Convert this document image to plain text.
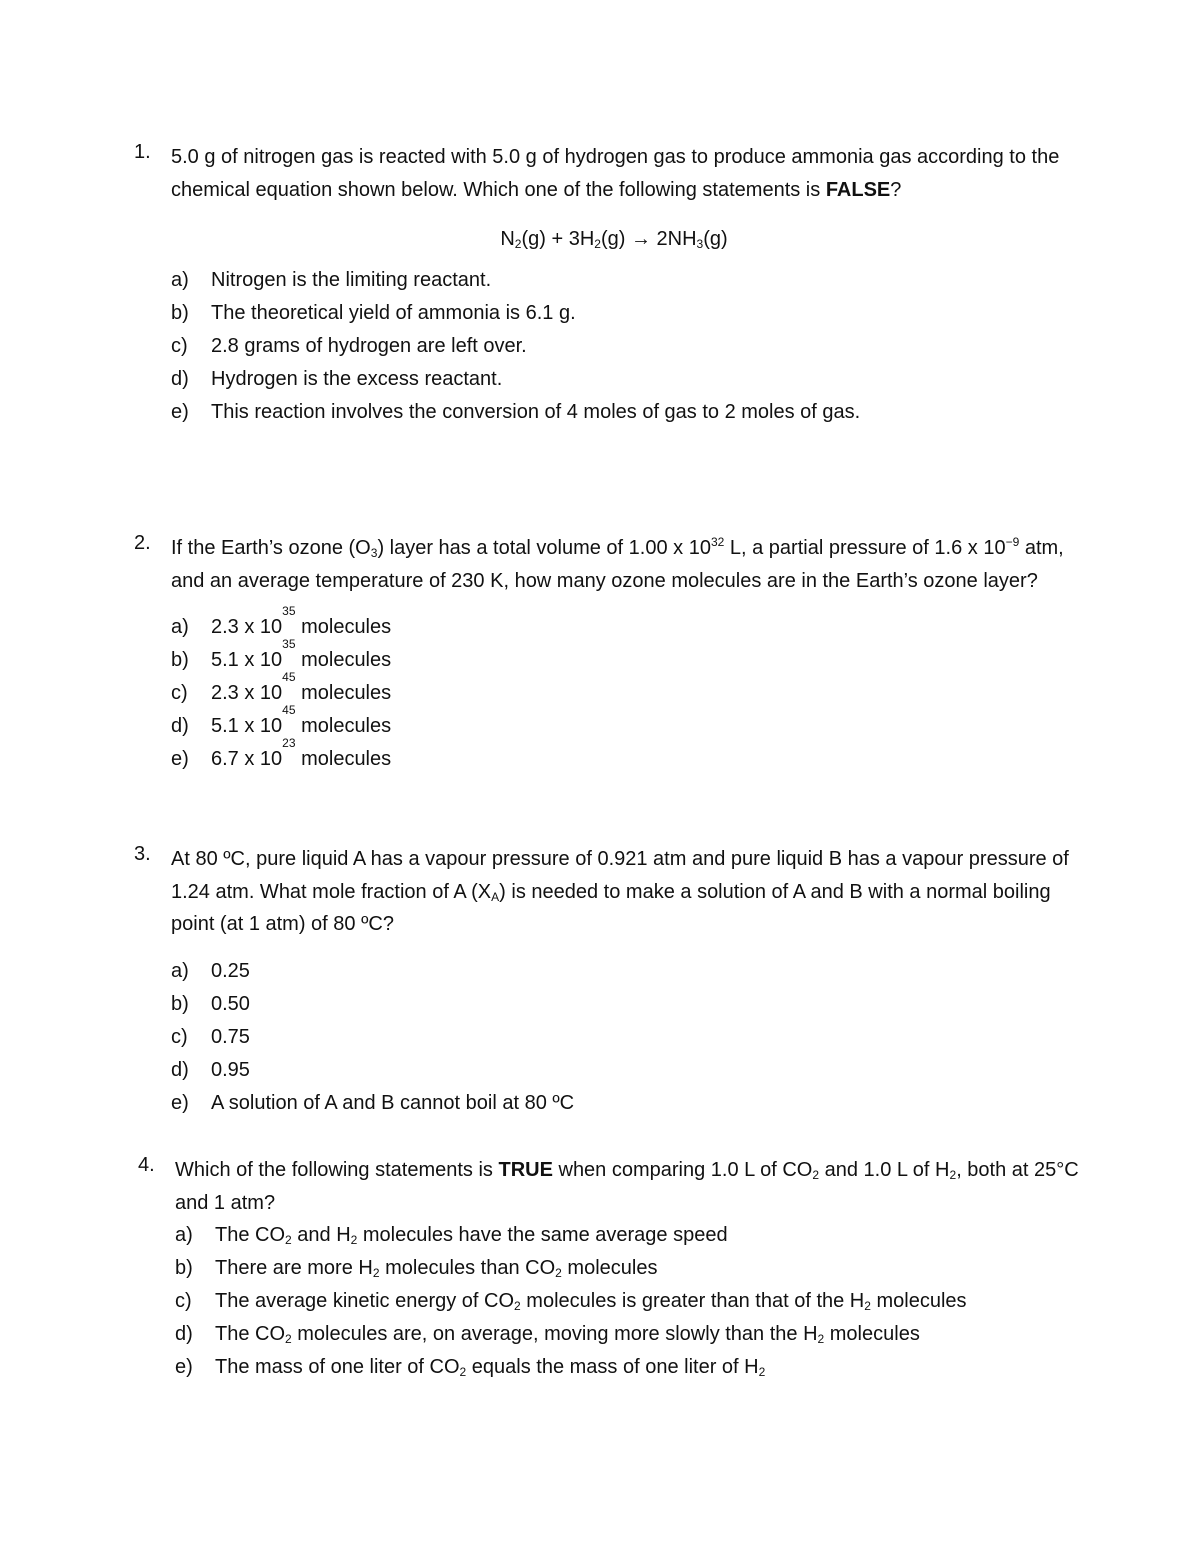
1.	5.0 g of nitrogen gas is reacted with 5.0 g of hydrogen gas to produce ammonia gas according to the chemical equation shown below. Which one of the following statements is FALSE?
$N_2(g) + 3H_2(g) \to 2NH_3(g)$
a)	Nitrogen is the limiting reactant.
b)	The theoretical yield of ammonia is 6.1 g.
c)	2.8 grams of hydrogen are left over.
d)	Hydrogen is the excess reactant.
e)	This reaction involves the conversion of 4 moles of gas to 2 moles of gas.
2.	If the Earth’s ozone $(O_3)$ layer has a total volume of 1.00 x $10^{32}$ L, a partial pressure of 1.6 x $10^{-9}$ atm, and an average temperature of 230 K, how many ozone molecules are in the Earth’s ozone layer?
a)	2.3 x 10
35
molecules
b)	5.1 x 10
35
molecules
c)	2.3 x 10
45
molecules
d)	5.1 x 10
45
molecules
e)	6.7 x 10
23
molecules
3.	At 80 ºC, pure liquid A has a vapour pressure of 0.921 atm and pure liquid B has a vapour pressure of 1.24 atm. What mole fraction of A $(X_A)$ is needed to make a solution of A and B with a normal boiling point (at 1 atm) of 80 ºC?
a)	0.25
b)	0.50
c)	0.75
d)	0.95
e)	A solution of A and B cannot boil at 80 ºC
4.	Which of the following statements is TRUE when comparing 1.0 L of $CO_2$ and 1.0 L of $H_2$, both at 25°C and 1 atm?
a)	The $CO_2$ and $H_2$ molecules have the same average speed
b)	There are more $H_2$ molecules than $CO_2$ molecules
c)	The average kinetic energy of $CO_2$ molecules is greater than that of the $H_2$ molecules
d)	The $CO_2$ molecules are, on average, moving more slowly than the $H_2$ molecules
e)	The mass of one liter of $CO_2$ equals the mass of one liter of $H_2$
